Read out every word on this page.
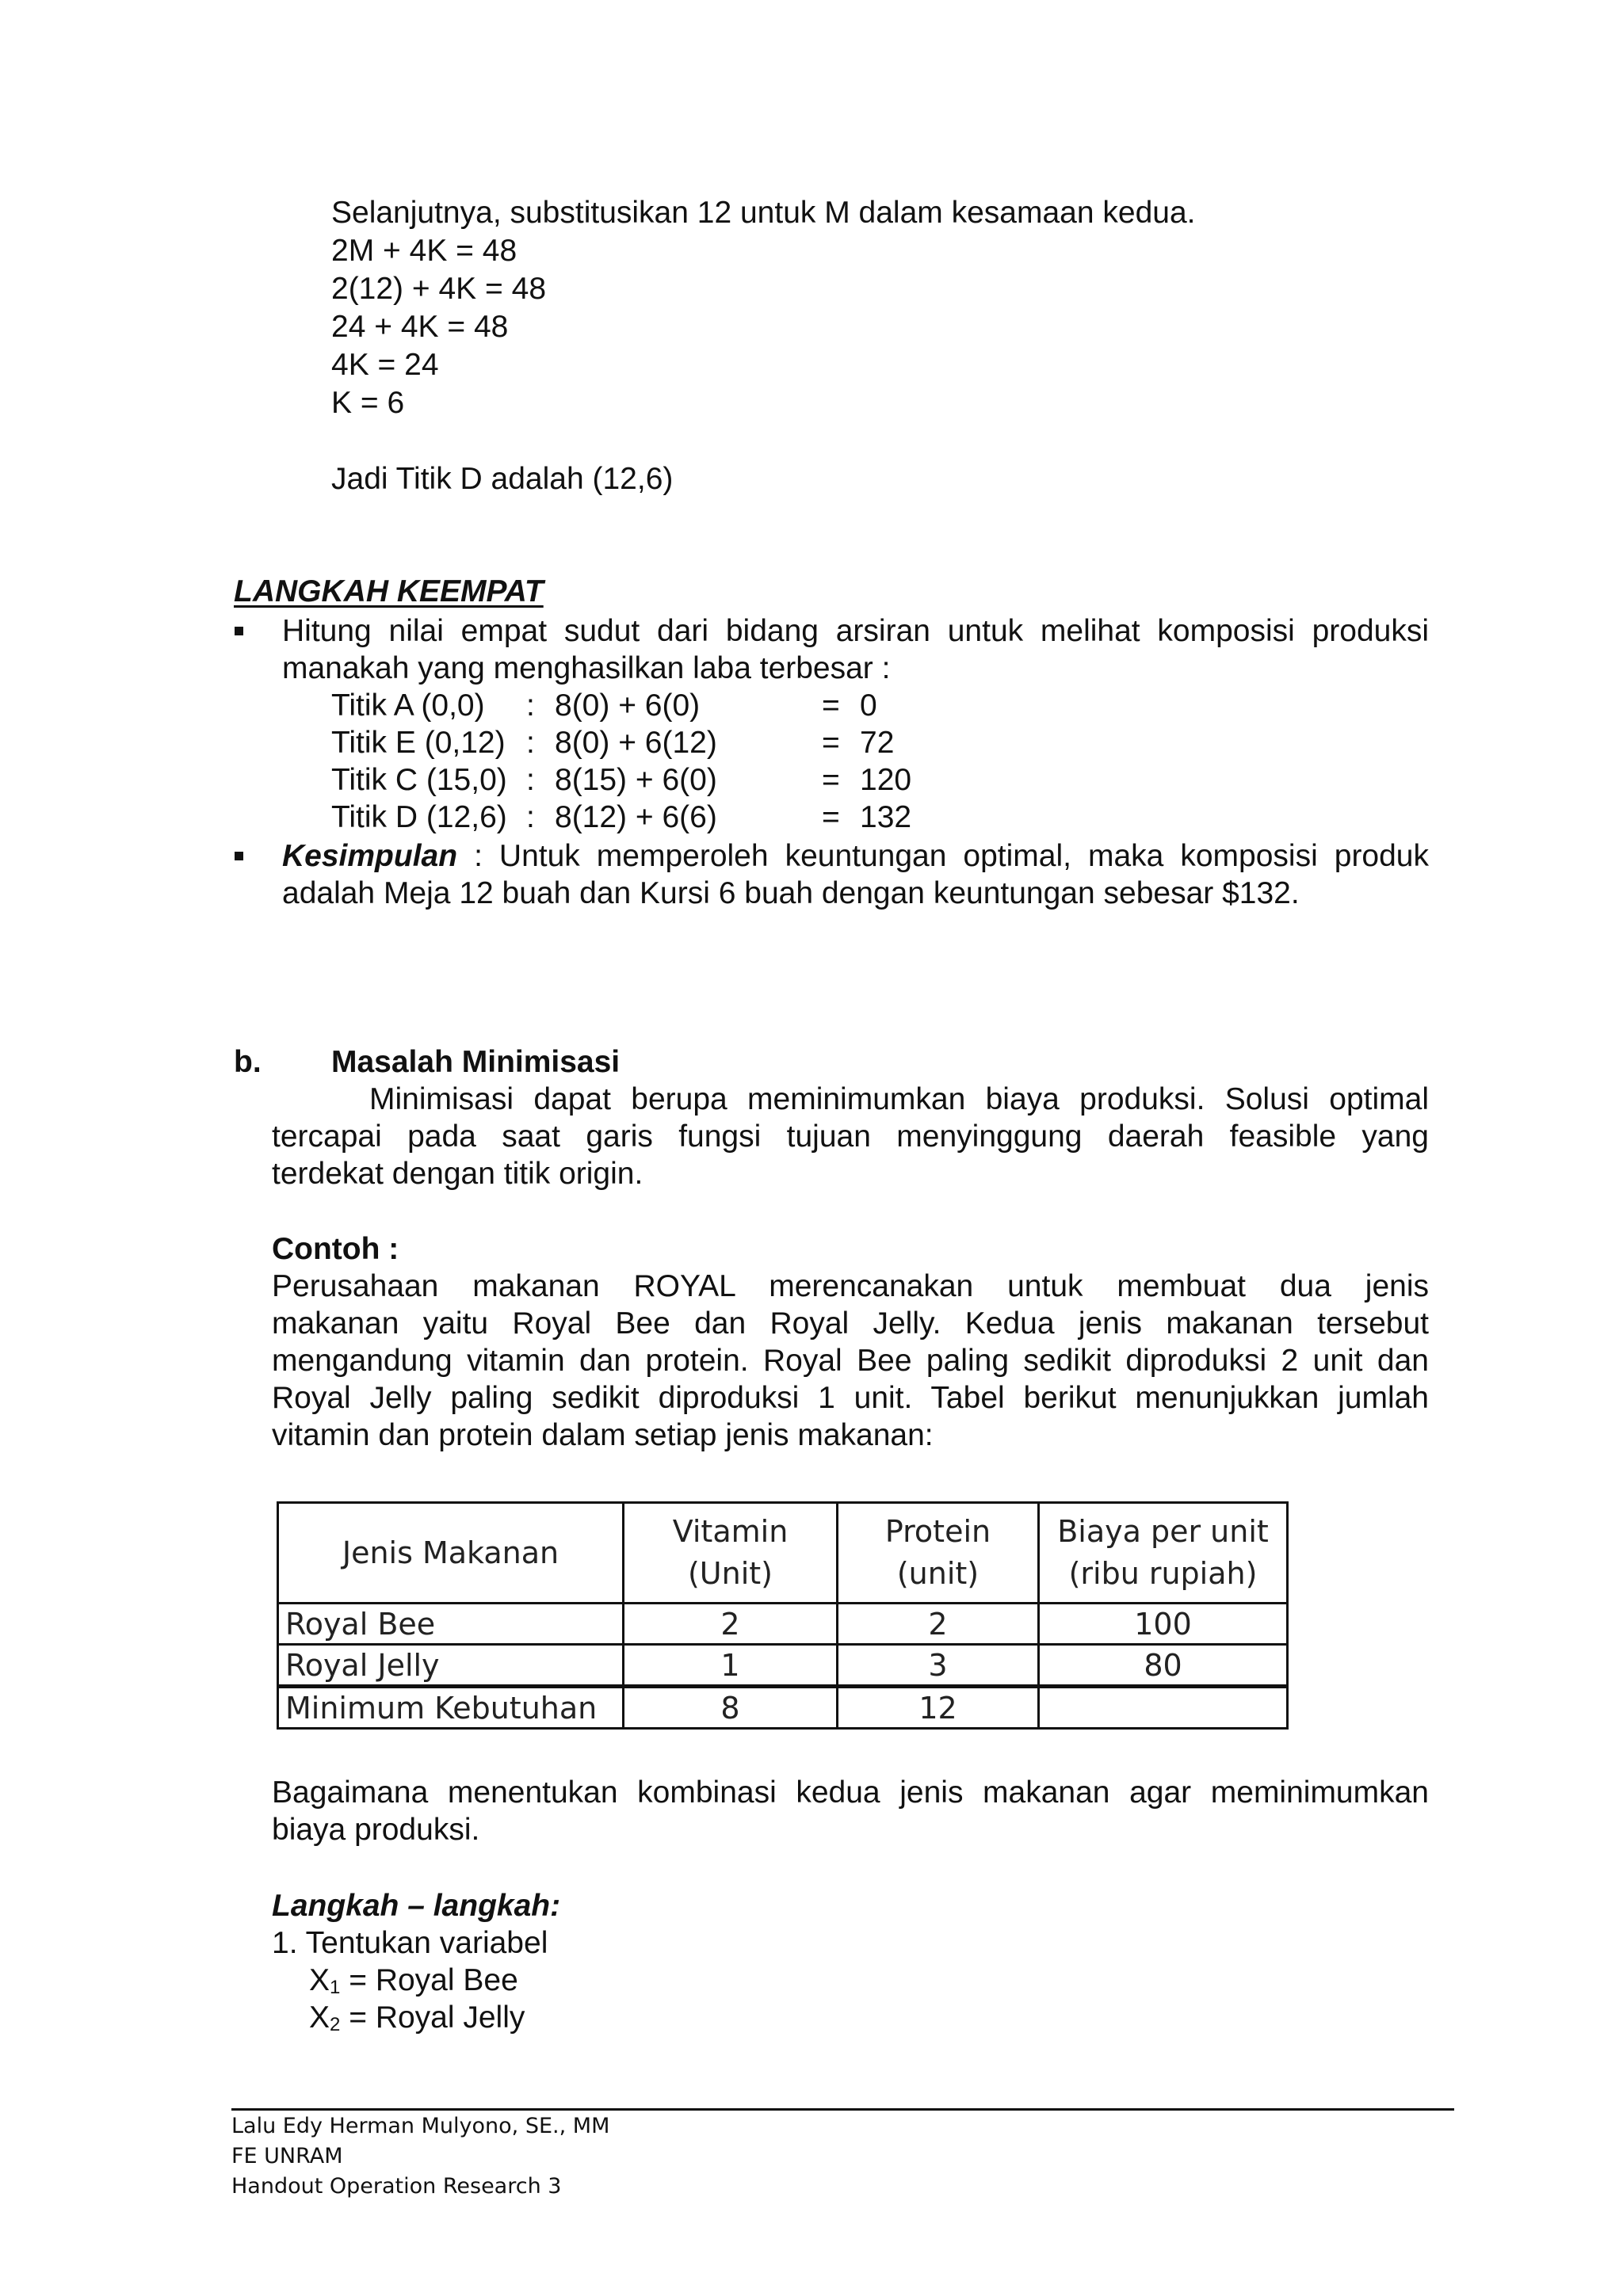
Selanjutnya, substitusikan 12 untuk M dalam kesamaan kedua.
2M + 4K = 48
2(12) + 4K = 48
24 + 4K = 48
4K = 24
K = 6
Jadi Titik D adalah (12,6)
LANGKAH KEEMPAT
Hitung nilai empat sudut dari bidang arsiran untuk melihat komposisi produksi
manakah yang menghasilkan laba terbesar :
Titik A (0,0) : 8(0) + 6(0)	= 0
Titik E (0,12) : 8(0) + 6(12)	= 72
Titik C (15,0) : 8(15) + 6(0)	= 120
Titik D (12,6) : 8(12) + 6(6)	= 132
Kesimpulan : Untuk memperoleh keuntungan optimal, maka komposisi produk
adalah Meja 12 buah dan Kursi 6 buah dengan keuntungan sebesar $132.
b. Masalah Minimisasi
Minimisasi dapat berupa meminimumkan biaya produksi. Solusi optimal
tercapai pada saat garis fungsi tujuan menyinggung daerah feasible yang
terdekat dengan titik origin.
Contoh :
Perusahaan makanan ROYAL merencanakan untuk membuat dua jenis
makanan yaitu Royal Bee dan Royal Jelly. Kedua jenis makanan tersebut
mengandung vitamin dan protein. Royal Bee paling sedikit diproduksi 2 unit dan
Royal Jelly paling sedikit diproduksi 1 unit. Tabel berikut menunjukkan jumlah
vitamin dan protein dalam setiap jenis makanan:
Jenis Makanan	Vitamin (Unit)	Protein (unit)	Biaya per unit
(ribu rupiah)
Royal Bee	2	2	100
Royal Jelly	1	3	80
Minimum Kebutuhan	8	12	
Bagaimana menentukan kombinasi kedua jenis makanan agar meminimumkan
biaya produksi.
Langkah – langkah:
1. Tentukan variabel
$X_1$ = Royal Bee
$X_2$ = Royal Jelly
Lalu Edy Herman Mulyono, SE., MM
FE UNRAM
Handout Operation Research 3
